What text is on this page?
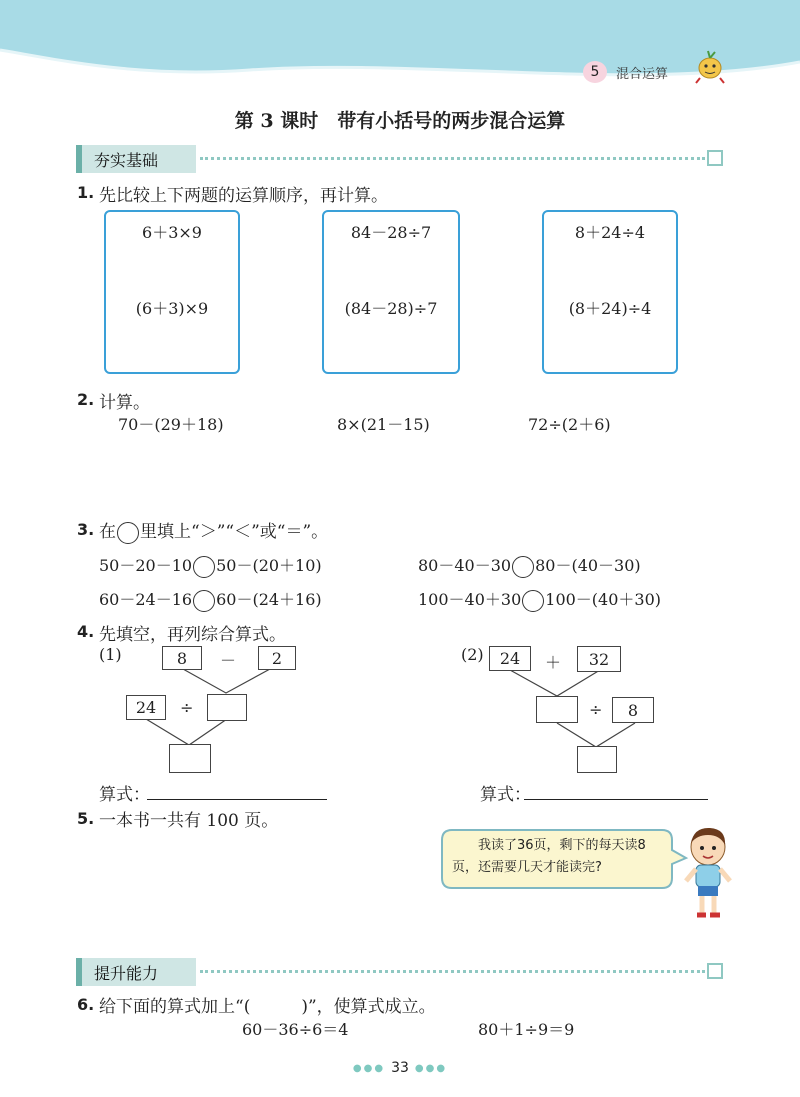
5	混合运算
第 3 课时　带有小括号的两步混合运算
夯实基础
1. 先比较上下两题的运算顺序，再计算。
6＋3×9
(6＋3)×9
84－28÷7
(84－28)÷7
8＋24÷4
(8＋24)÷4
2. 计算。
70－(29＋18)	8×(21－15)	72÷(2＋6)
3. 在 里填上“＞”“＜”或“＝”。
50－20－10 50－(20＋10)	80－40－30 80－(40－30)
60－24－16 60－(24＋16)	100－40＋30 100－(40＋30)
4. 先填空，再列综合算式。
(1)	8	－	2
24	÷
算式：
(2)	24	＋	32
÷	8
算式：
5. 一本书一共有 100 页。
我读了36页，剩下的每天读8页，还需要几天才能读完?
提升能力
6. 给下面的算式加上“(　　　)”，使算式成立。
60－36÷6＝4	80＋1÷9＝9
●●● 33 ●●●
